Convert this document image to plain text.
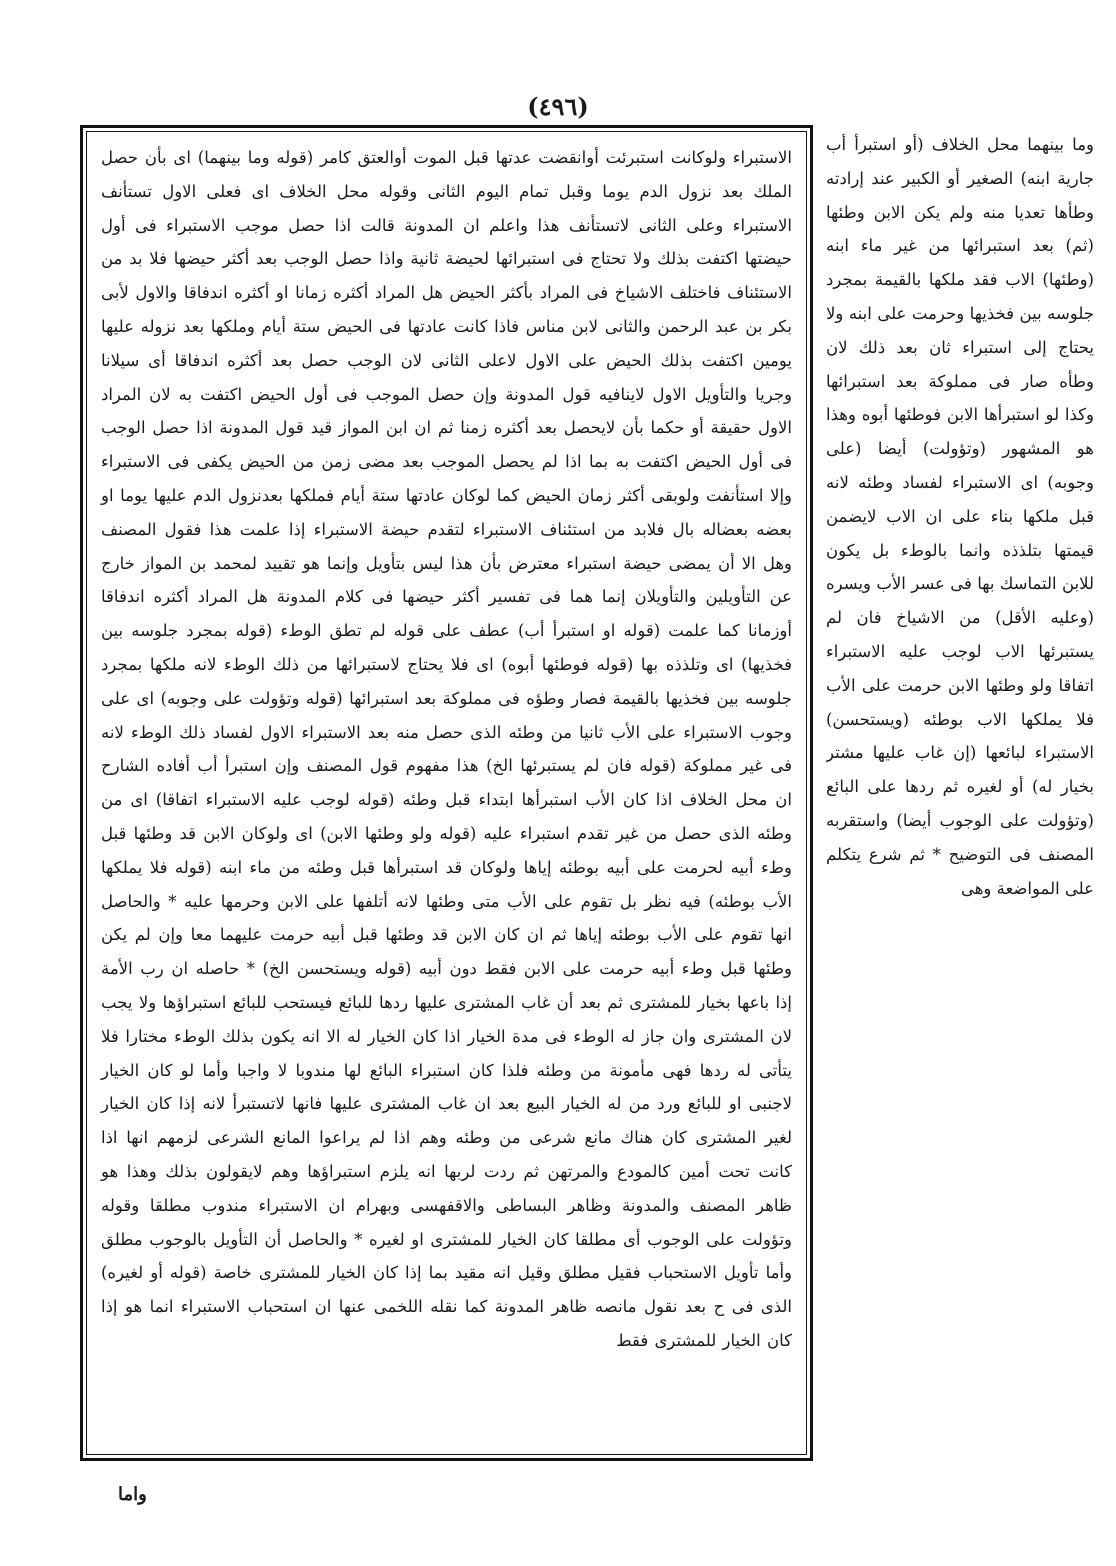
(٤٩٦)

الاستبراء ولوكانت استبرئت أوانقضت عدتها قبل الموت أوالعتق كامر (قوله وما بينهما) اى بأن حصل الملك بعد نزول الدم يوما وقبل تمام اليوم الثانى وقوله محل الخلاف اى فعلى الاول تستأنف الاستبراء وعلى الثانى لاتستأنف هذا واعلم ان المدونة قالت اذا حصل موجب الاستبراء فى أول حيضتها اكتفت بذلك ولا تحتاج فى استبرائها لحيضة ثانية واذا حصل الوجب بعد أكثر حيضها فلا بد من الاستئناف فاختلف الاشياخ فى المراد بأكثر الحيض هل المراد أكثره زمانا او أكثره اندفاقا والاول لأبى بكر بن عبد الرحمن والثانى لابن مناس فاذا كانت عادتها فى الحيض ستة أيام وملكها بعد نزوله عليها يومين اكتفت بذلك الحيض على الاول لاعلى الثانى لان الوجب حصل بعد أكثره اندفاقا أى سيلانا وجريا والتأويل الاول لاينافيه قول المدونة وإن حصل الموجب فى أول الحيض اكتفت به لان المراد الاول حقيقة أو حكما بأن لايحصل بعد أكثره زمنا ثم ان ابن المواز قيد قول المدونة اذا حصل الوجب فى أول الحيض اكتفت به بما اذا لم يحصل الموجب بعد مضى زمن من الحيض يكفى فى الاستبراء وإلا استأنفت ولوبقى أكثر زمان الحيض كما لوكان عادتها ستة أيام فملكها بعدنزول الدم عليها يوما او بعضه بعضاله بال فلابد من استئناف الاستبراء لتقدم حيضة الاستبراء إذا علمت هذا فقول المصنف وهل الا أن يمضى حيضة استبراء معترض بأن هذا ليس بتأويل وإنما هو تقييد لمحمد بن المواز خارج عن التأويلين والتأويلان إنما هما فى تفسير أكثر حيضها فى كلام المدونة هل المراد أكثره اندفاقا أوزمانا كما علمت (قوله او استبرأ أب) عطف على قوله لم تطق الوطء (قوله بمجرد جلوسه بين فخذيها) اى وتلذذه بها (قوله فوطئها أبوه) اى فلا يحتاج لاستبرائها من ذلك الوطء لانه ملكها بمجرد جلوسه بين فخذيها بالقيمة فصار وطؤه فى مملوكة بعد استبرائها (قوله وتؤولت على وجوبه) اى على وجوب الاستبراء على الأب ثانيا من وطئه الذى حصل منه بعد الاستبراء الاول لفساد ذلك الوطء لانه فى غير مملوكة (قوله فان لم يستبرئها الخ) هذا مفهوم قول المصنف وإن استبرأ أب أفاده الشارح ان محل الخلاف اذا كان الأب استبرأها ابتداء قبل وطئه (قوله لوجب عليه الاستبراء اتفاقا) اى من وطئه الذى حصل من غير تقدم استبراء عليه (قوله ولو وطئها الابن) اى ولوكان الابن قد وطئها قبل وطء أبيه لحرمت على أبيه بوطئه إياها ولوكان قد استبرأها قبل وطئه من ماء ابنه (قوله فلا يملكها الأب بوطئه) فيه نظر بل تقوم على الأب متى وطئها لانه أتلفها على الابن وحرمها عليه * والحاصل انها تقوم على الأب بوطئه إياها ثم ان كان الابن قد وطئها قبل أبيه حرمت عليهما معا وإن لم يكن وطئها قبل وطء أبيه حرمت على الابن فقط دون أبيه (قوله ويستحسن الخ) * حاصله ان رب الأمة إذا باعها بخيار للمشترى ثم بعد أن غاب المشترى عليها ردها للبائع فيستحب للبائع استبراؤها ولا يجب لان المشترى وان جاز له الوطء فى مدة الخيار اذا كان الخيار له الا انه يكون بذلك الوطء مختارا فلا يتأتى له ردها فهى مأمونة من وطئه فلذا كان استبراء البائع لها مندوبا لا واجبا وأما لو كان الخيار لاجنبى او للبائع ورد من له الخيار البيع بعد ان غاب المشترى عليها فانها لاتستبرأ لانه إذا كان الخيار لغير المشترى كان هناك مانع شرعى من وطئه وهم اذا لم يراعوا المانع الشرعى لزمهم انها اذا كانت تحت أمين كالمودع والمرتهن ثم ردت لربها انه يلزم استبراؤها وهم لايقولون بذلك وهذا هو ظاهر المصنف والمدونة وظاهر البساطى والاقفهسى وبهرام ان الاستبراء مندوب مطلقا وقوله وتؤولت على الوجوب أى مطلقا كان الخيار للمشترى او لغيره * والحاصل أن التأويل بالوجوب مطلق وأما تأويل الاستحباب فقيل مطلق وقيل انه مقيد بما إذا كان الخيار للمشترى خاصة (قوله أو لغيره) الذى فى ح بعد نقول مانصه ظاهر المدونة كما نقله اللخمى عنها ان استحباب الاستبراء انما هو إذا كان الخيار للمشترى فقط

وما بينهما محل الخلاف (أو استبرأ أب جارية ابنه) الصغير أو الكبير عند إرادته وطأها تعديا منه ولم يكن الابن وطئها (ثم) بعد استبرائها من غير ماء ابنه (وطئها) الاب فقد ملكها بالقيمة بمجرد جلوسه بين فخذيها وحرمت على ابنه ولا يحتاج إلى استبراء ثان بعد ذلك لان وطأه صار فى مملوكة بعد استبرائها وكذا لو استبرأها الابن فوطئها أبوه وهذا هو المشهور (وتؤولت) أيضا (على وجوبه) اى الاستبراء لفساد وطئه لانه قبل ملكها بناء على ان الاب لايضمن قيمتها بتلذذه وانما بالوطء بل يكون للابن التماسك بها فى عسر الأب ويسره (وعليه الأقل) من الاشياخ فان لم يستبرئها الاب لوجب عليه الاستبراء اتفاقا ولو وطئها الابن حرمت على الأب فلا يملكها الاب بوطئه (ويستحسن) الاستبراء لبائعها (إن غاب عليها مشتر بخيار له) أو لغيره ثم ردها على البائع (وتؤولت على الوجوب أيضا) واستقربه المصنف فى التوضيح * ثم شرع يتكلم على المواضعة وهى

واما
